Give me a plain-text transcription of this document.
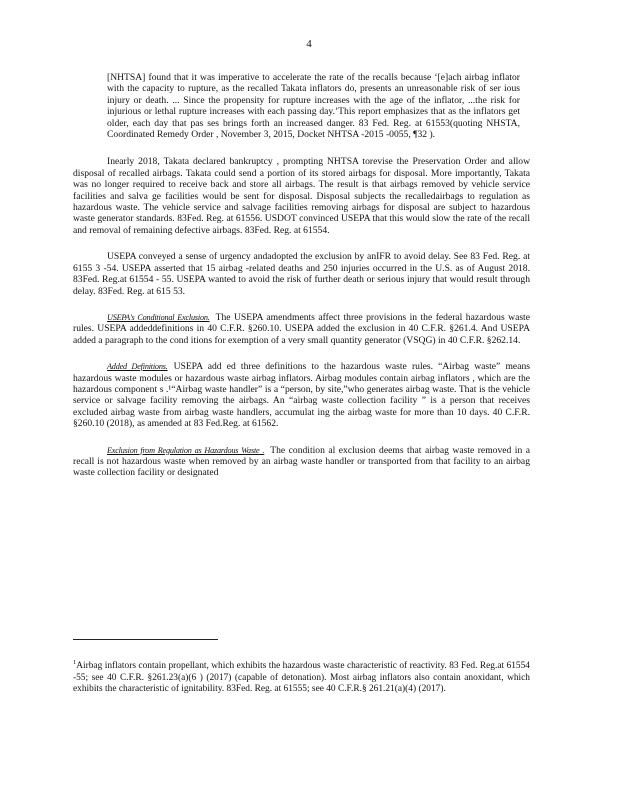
4

[NHTSA] found that it was imperative to accelerate the rate of the recalls because ‘[e]ach airbag inflator with the capacity to rupture, as the recalled Takata inflators do, presents an unreasonable risk of ser ious injury or death. ... Since the propensity for rupture increases with the age of the inflator, ...the risk for injurious or lethal rupture increases with each passing day.’This report emphasizes that as the inflators get older, each day that pas ses brings forth an increased danger. 83 Fed. Reg. at 61553(quoting NHSTA, Coordinated Remedy Order , November 3, 2015, Docket NHTSA -2015 -0055, ¶32 ).

Inearly 2018, Takata declared bankruptcy , prompting NHTSA torevise the Preservation Order and allow disposal of recalled airbags. Takata could send a portion of its stored airbags for disposal. More importantly, Takata was no longer required to receive back and store all airbags. The result is that airbags removed by vehicle service facilities and salva ge facilities would be sent for disposal. Disposal subjects the recalledairbags to regulation as hazardous waste. The vehicle service and salvage facilities removing airbags for disposal are subject to hazardous waste generator standards. 83Fed. Reg. at 61556. USDOT convinced USEPA that this would slow the rate of the recall and removal of remaining defective airbags. 83Fed. Reg. at 61554.

USEPA conveyed a sense of urgency andadopted the exclusion by anIFR to avoid delay. See 83 Fed. Reg. at 6155 3 -54. USEPA asserted that 15 airbag -related deaths and 250 injuries occurred in the U.S. as of August 2018. 83Fed. Reg.at 61554 - 55. USEPA wanted to avoid the risk of further death or serious injury that would result through delay. 83Fed. Reg. at 615 53.

USEPA's Conditional Exclusion. The USEPA amendments affect three provisions in the federal hazardous waste rules. USEPA addeddefinitions in 40 C.F.R. §260.10. USEPA added the exclusion in 40 C.F.R. §261.4. And USEPA added a paragraph to the cond itions for exemption of a very small quantity generator (VSQG) in 40 C.F.R. §262.14.

Added Definitions. USEPA add ed three definitions to the hazardous waste rules. “Airbag waste” means hazardous waste modules or hazardous waste airbag inflators. Airbag modules contain airbag inflators , which are the hazardous component s .¹“Airbag waste handler” is a “person, by site,”who generates airbag waste. That is the vehicle service or salvage facility removing the airbags. An “airbag waste collection facility ” is a person that receives excluded airbag waste from airbag waste handlers, accumulat ing the airbag waste for more than 10 days. 40 C.F.R. §260.10 (2018), as amended at 83 Fed.Reg. at 61562.

Exclusion from Regulation as Hazardous Waste . The condition al exclusion deems that airbag waste removed in a recall is not hazardous waste when removed by an airbag waste handler or transported from that facility to an airbag waste collection facility or designated

$^1$Airbag inflators contain propellant, which exhibits the hazardous waste characteristic of reactivity. 83 Fed. Reg.at 61554 -55; see 40 C.F.R. §261.23(a)(6 ) (2017) (capable of detonation). Most airbag inflators also contain anoxidant, which exhibits the characteristic of ignitability. 83Fed. Reg. at 61555; see 40 C.F.R.§ 261.21(a)(4) (2017).
